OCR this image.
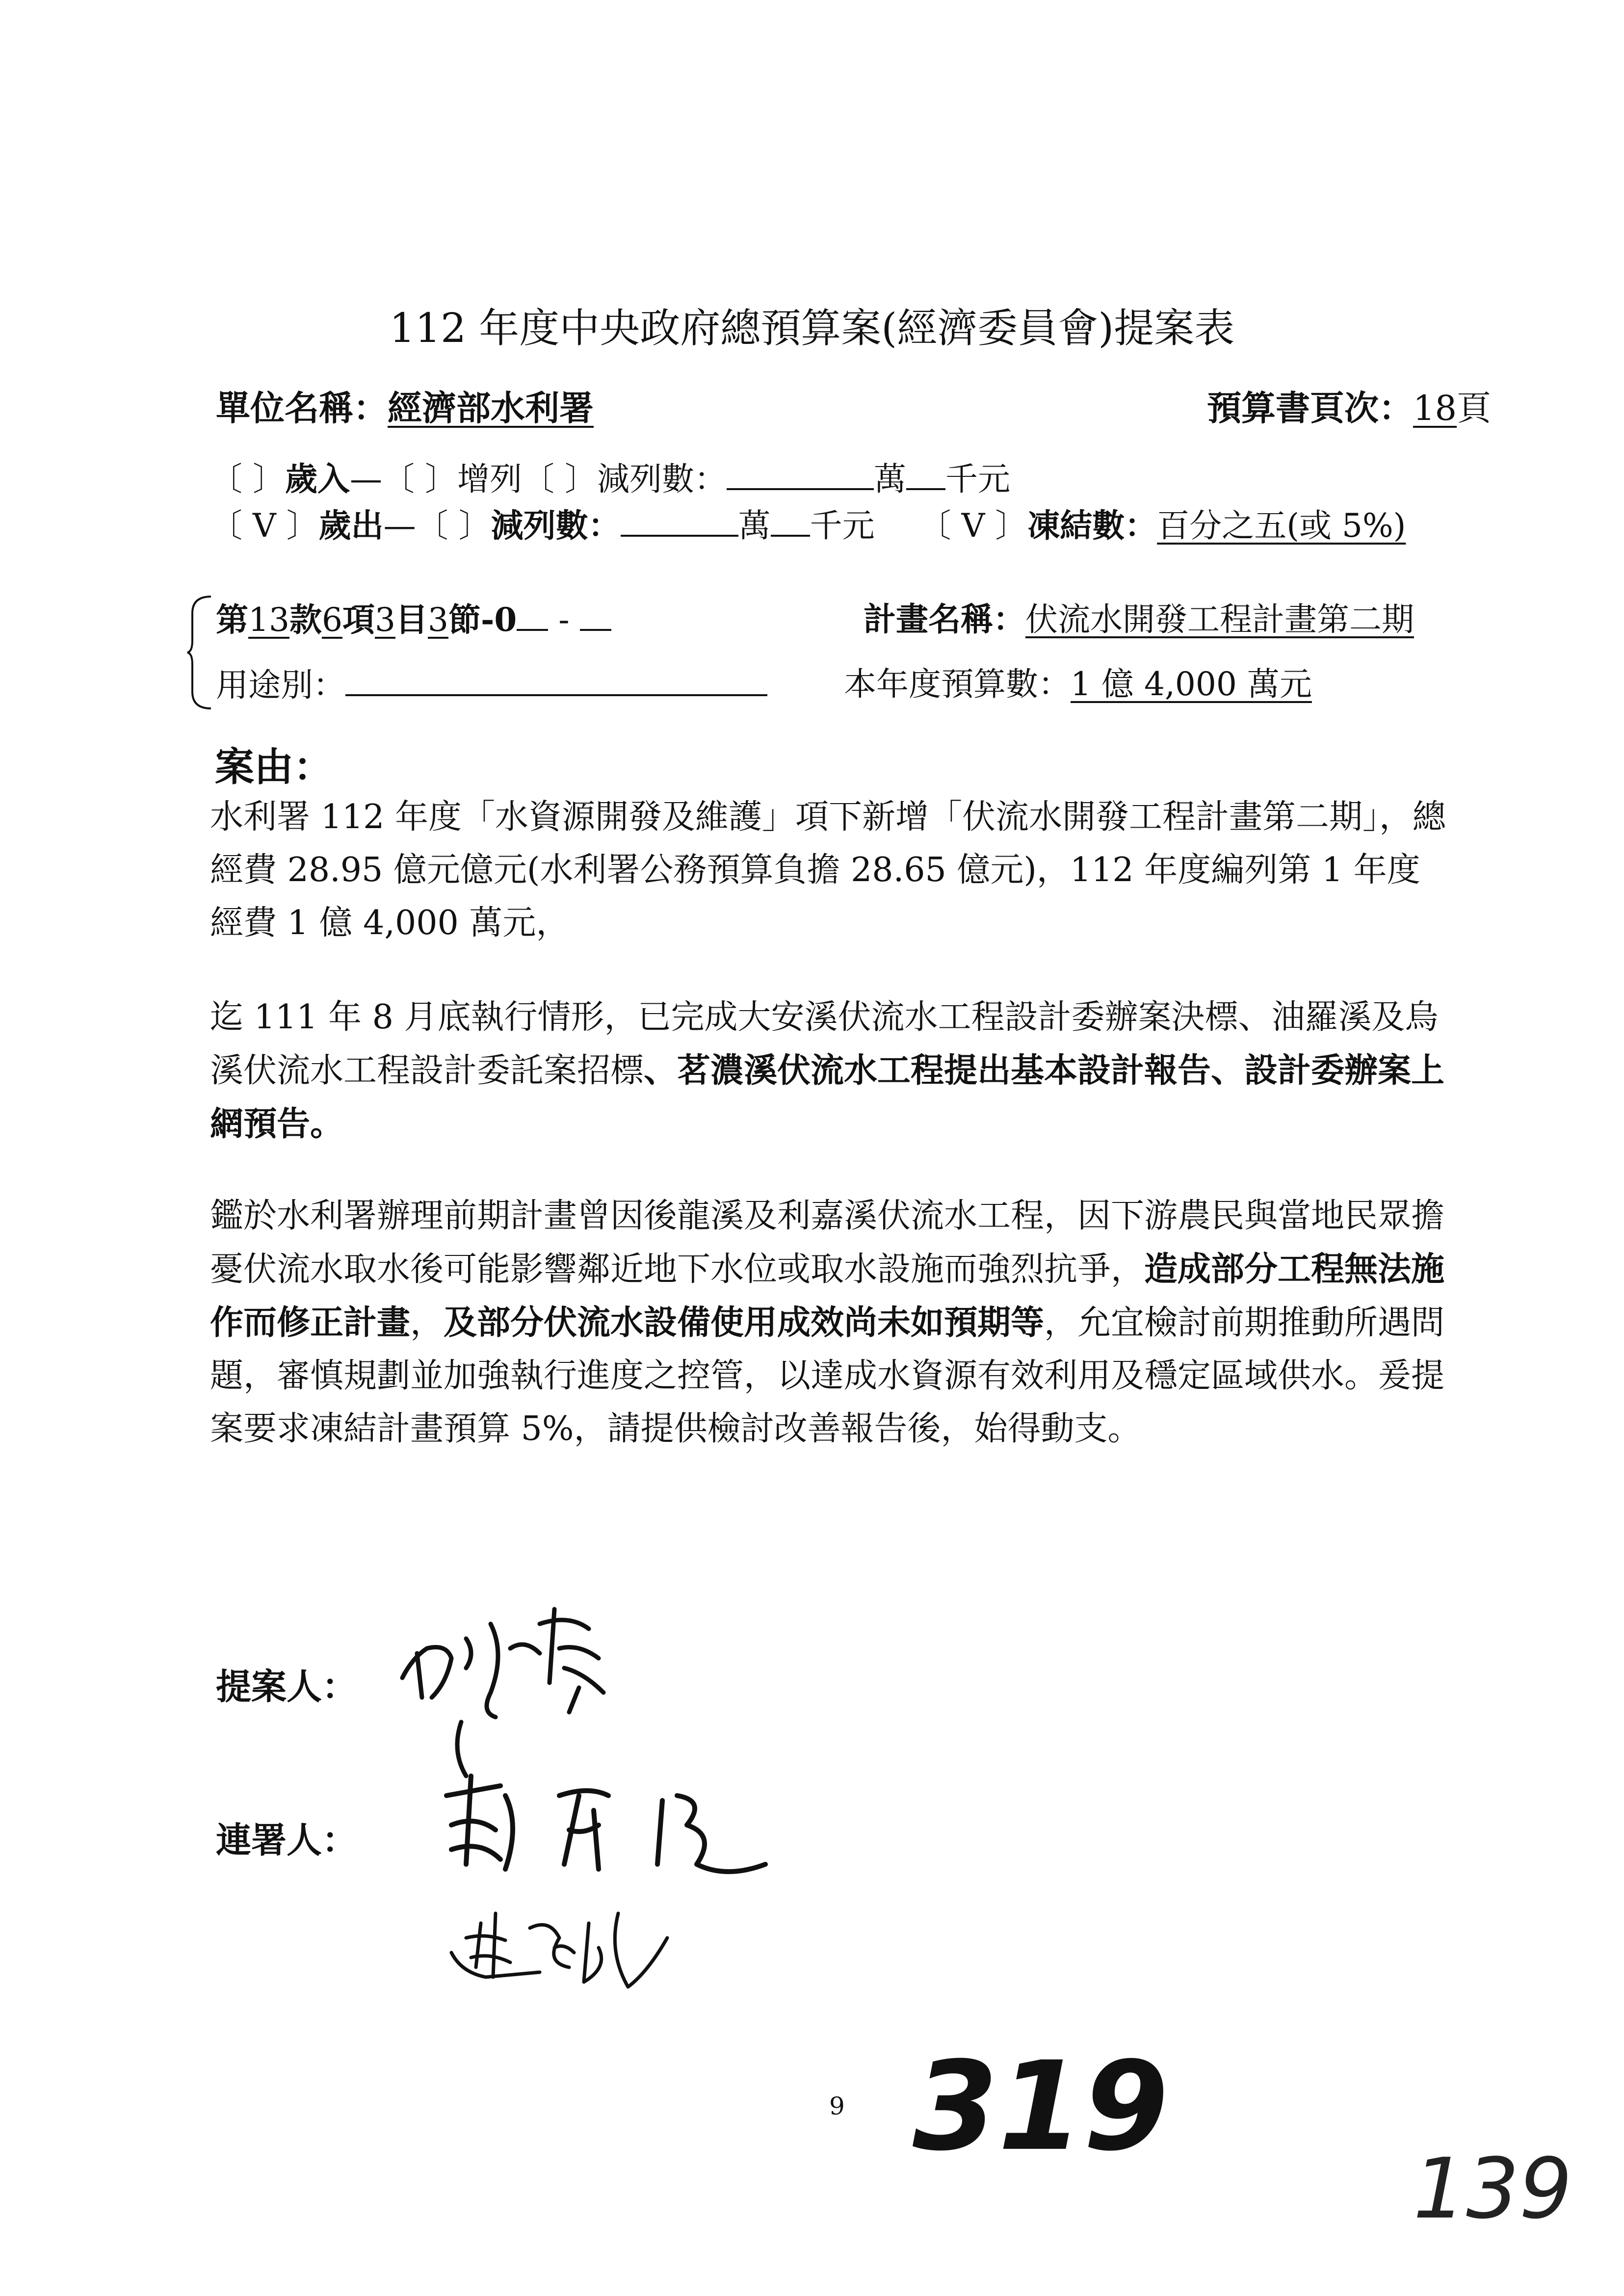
112 年度中央政府總預算案(經濟委員會)提案表
單位名稱：經濟部水利署	預算書頁次：18頁
〔 〕歲入—〔 〕增列〔 〕減列數：	萬 千元
〔 V 〕歲出—〔 〕減列數：	萬 千元 〔 V 〕凍結數：百分之五(或 5%)
第13款6項3目3節-0 -	計畫名稱：伏流水開發工程計畫第二期
用途別：	本年度預算數：1 億 4,000 萬元
案由：
水利署 112 年度「水資源開發及維護」項下新增「伏流水開發工程計畫第二期」，總經費 28.95 億元億元(水利署公務預算負擔 28.65 億元)，112 年度編列第 1 年度經費 1 億 4,000 萬元，
迄 111 年 8 月底執行情形，已完成大安溪伏流水工程設計委辦案決標、油羅溪及烏溪伏流水工程設計委託案招標、茗濃溪伏流水工程提出基本設計報告、設計委辦案上網預告。
鑑於水利署辦理前期計畫曾因後龍溪及利嘉溪伏流水工程，因下游農民與當地民眾擔憂伏流水取水後可能影響鄰近地下水位或取水設施而強烈抗爭，造成部分工程無法施作而修正計畫，及部分伏流水設備使用成效尚未如預期等，允宜檢討前期推動所遇問題，審慎規劃並加強執行進度之控管，以達成水資源有效利用及穩定區域供水。爰提案要求凍結計畫預算 5%，請提供檢討改善報告後，始得動支。
提案人：
連署人：
9 319
139
